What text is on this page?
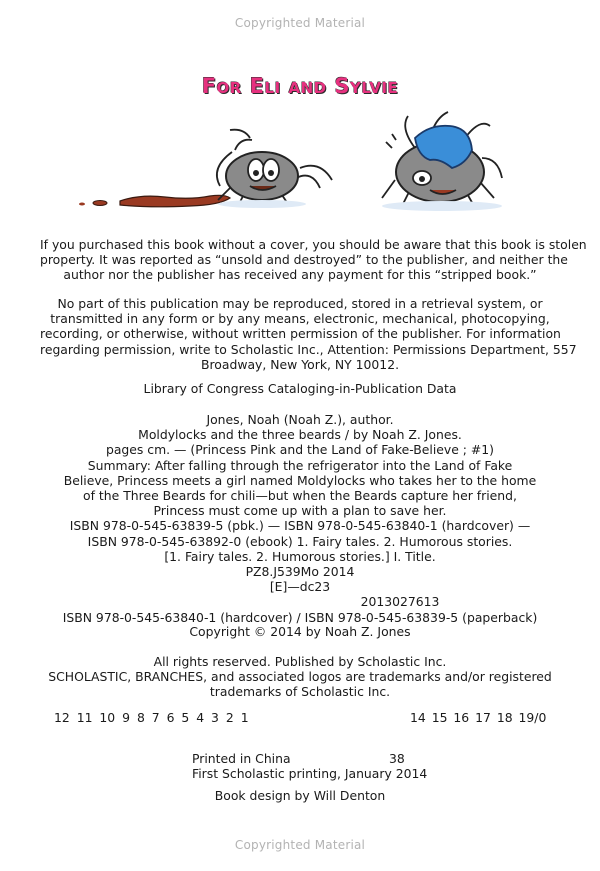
Copyrighted Material
For Eli and Sylvie
If you purchased this book without a cover, you should be aware that this book is stolen
property. It was reported as “unsold and destroyed” to the publisher, and neither the
author nor the publisher has received any payment for this “stripped book.”
No part of this publication may be reproduced, stored in a retrieval system, or
transmitted in any form or by any means, electronic, mechanical, photocopying,
recording, or otherwise, without written permission of the publisher. For information
regarding permission, write to Scholastic Inc., Attention: Permissions Department, 557
Broadway, New York, NY 10012.
Library of Congress Cataloging-in-Publication Data
Jones, Noah (Noah Z.), author.
Moldylocks and the three beards / by Noah Z. Jones.
pages cm. — (Princess Pink and the Land of Fake-Believe ; #1)
Summary: After falling through the refrigerator into the Land of Fake
Believe, Princess meets a girl named Moldylocks who takes her to the home
of the Three Beards for chili—but when the Beards capture her friend,
Princess must come up with a plan to save her.
ISBN 978-0-545-63839-5 (pbk.) — ISBN 978-0-545-63840-1 (hardcover) —
ISBN 978-0-545-63892-0 (ebook) 1. Fairy tales. 2. Humorous stories.
[1. Fairy tales. 2. Humorous stories.] I. Title.
PZ8.J539Mo 2014
[E]—dc23
2013027613
ISBN 978-0-545-63840-1 (hardcover) / ISBN 978-0-545-63839-5 (paperback)
Copyright © 2014 by Noah Z. Jones
All rights reserved. Published by Scholastic Inc.
SCHOLASTIC, BRANCHES, and associated logos are trademarks and/or registered
trademarks of Scholastic Inc.
12 11 10 9 8 7 6 5 4 3 2 1	14 15 16 17 18 19/0
Printed in China	38
First Scholastic printing, January 2014
Book design by Will Denton
Copyrighted Material
